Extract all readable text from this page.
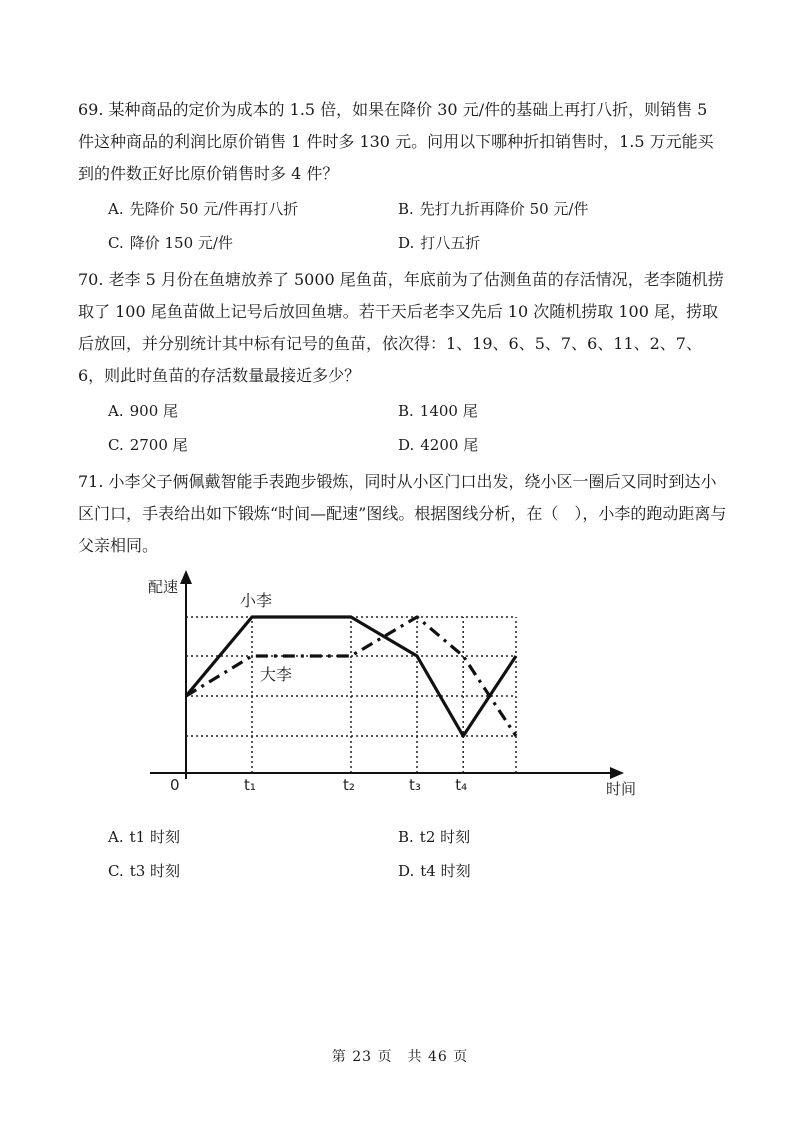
69. 某种商品的定价为成本的 1.5 倍，如果在降价 30 元/件的基础上再打八折，则销售 5 件这种商品的利润比原价销售 1 件时多 130 元。问用以下哪种折扣销售时，1.5 万元能买到的件数正好比原价销售时多 4 件？
A. 先降价 50 元/件再打八折	B. 先打九折再降价 50 元/件
C. 降价 150 元/件	D. 打八五折
70. 老李 5 月份在鱼塘放养了 5000 尾鱼苗，年底前为了估测鱼苗的存活情况，老李随机捞取了 100 尾鱼苗做上记号后放回鱼塘。若干天后老李又先后 10 次随机捞取 100 尾，捞取后放回，并分别统计其中标有记号的鱼苗，依次得：1、19、6、5、7、6、11、2、7、6，则此时鱼苗的存活数量最接近多少？
A. 900 尾	B. 1400 尾
C. 2700 尾	D. 4200 尾
71. 小李父子俩佩戴智能手表跑步锻炼，同时从小区门口出发，绕小区一圈后又同时到达小区门口，手表给出如下锻炼“时间—配速”图线。根据图线分析，在（　），小李的跑动距离与父亲相同。
配速
时间
0	t₁	t₂	t₃ t₄
小李
大李
A. t1 时刻	B. t2 时刻
C. t3 时刻	D. t4 时刻
第 23 页　共 46 页
